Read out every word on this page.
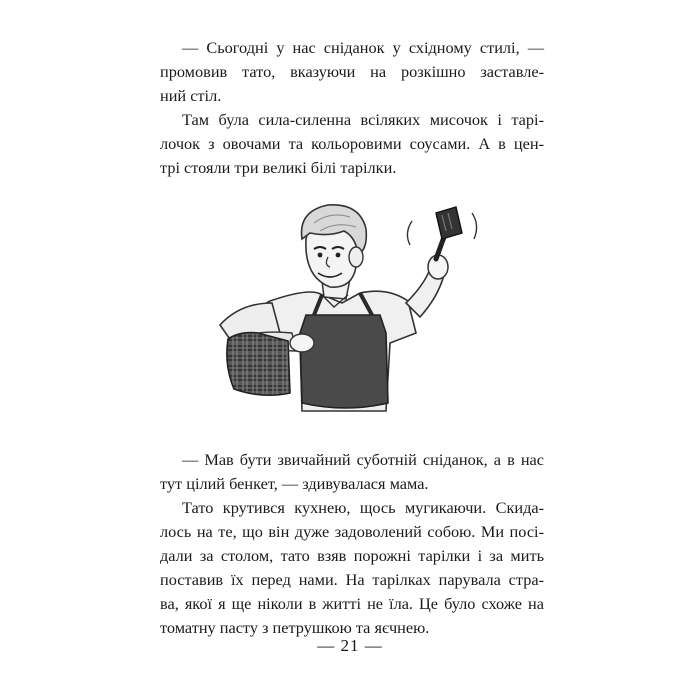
— Сьогодні у нас сніданок у східному стилі, —
промовив тато, вказуючи на розкішно заставле-
ний стіл.
Там була сила-силенна всіляких мисочок і тарі-
лочок з овочами та кольоровими соусами. А в цен-
трі стояли три великі білі тарілки.
— Мав бути звичайний суботній сніданок, а в нас
тут цілий бенкет, — здивувалася мама.
Тато крутився кухнею, щось мугикаючи. Скида-
лось на те, що він дуже задоволений собою. Ми посі-
дали за столом, тато взяв порожні тарілки і за мить
поставив їх перед нами. На тарілках парувала стра-
ва, якої я ще ніколи в житті не їла. Це було схоже на
томатну пасту з петрушкою та яєчнею.
— 21 —
